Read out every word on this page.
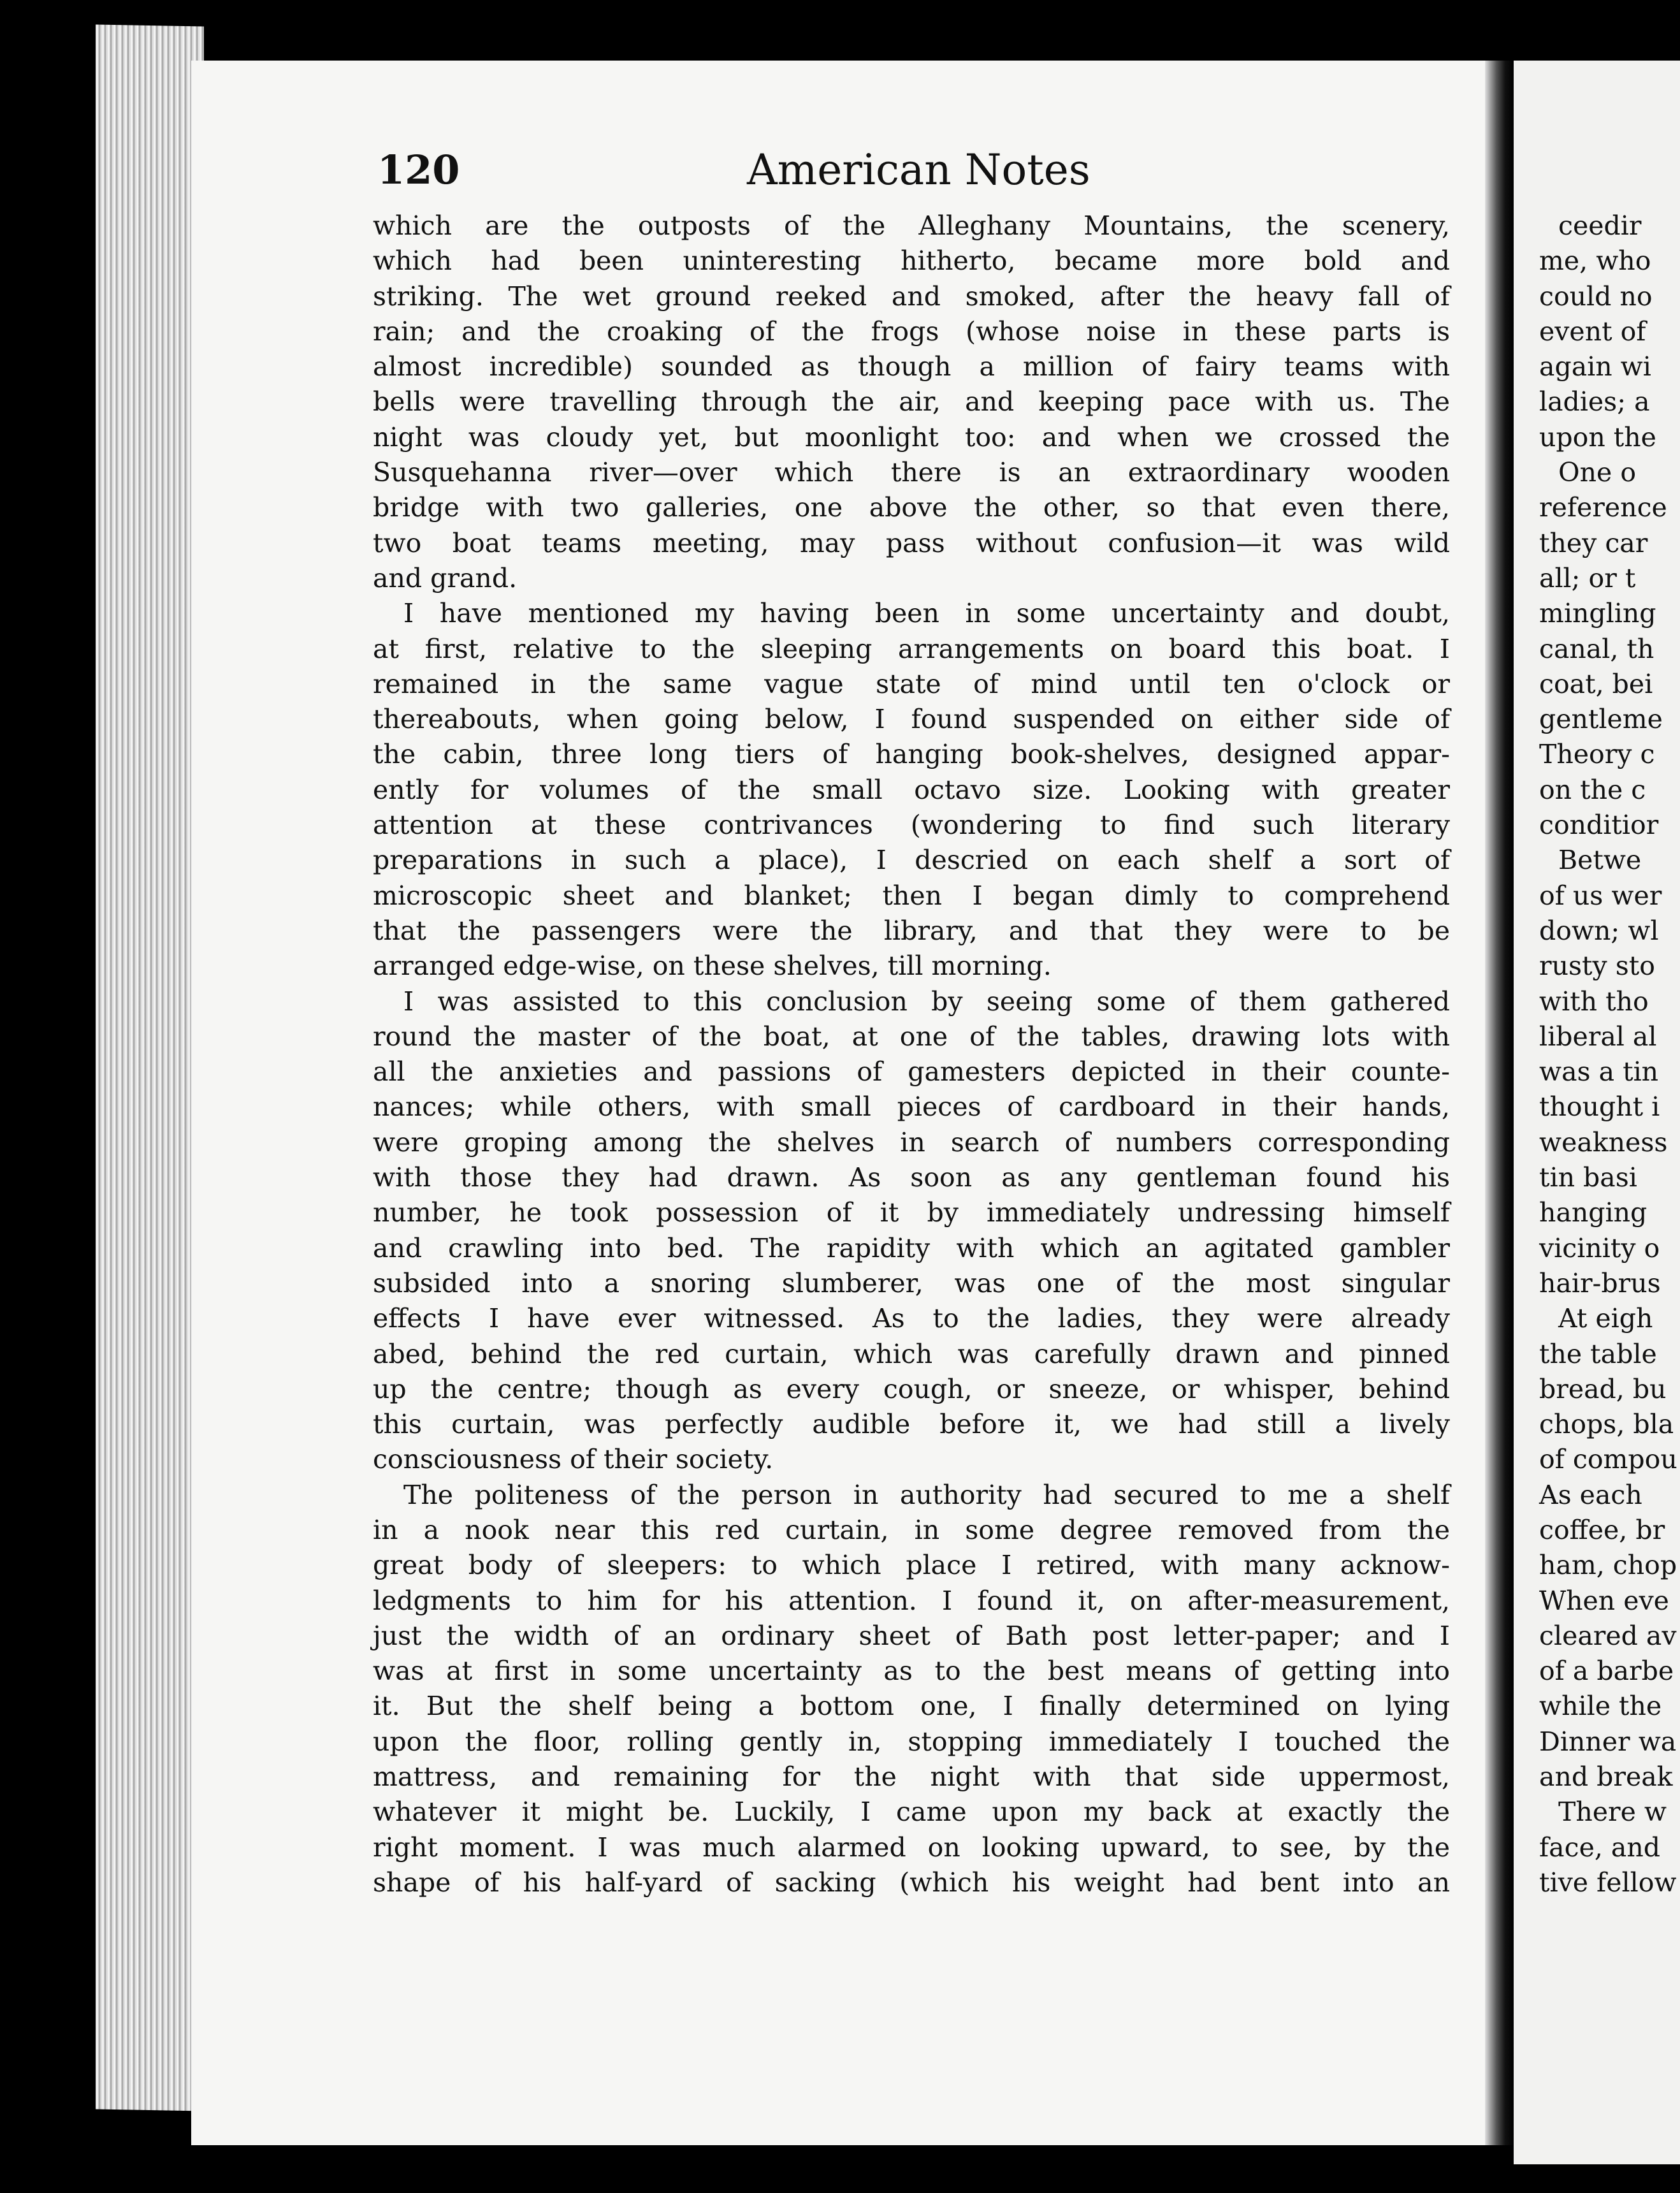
ceedir
me, who
could no
event of
again wi
ladies; a
upon the
One o
reference
they car
all; or t
mingling
canal, th
coat, bei
gentleme
Theory c
on the c
conditior
Betwe
of us wer
down; wl
rusty sto
with tho
liberal al
was a tin
thought i
weakness
tin basi
hanging
vicinity o
hair-brus
At eigh
the table
bread, bu
chops, bla
of compou
As each
coffee, br
ham, chop
When eve
cleared av
of a barbe
while the
Dinner wa
and break
There w
face, and
tive fellow
120	American Notes
which are the outposts of the Alleghany Mountains, the scenery,
which had been uninteresting hitherto, became more bold and
striking. The wet ground reeked and smoked, after the heavy fall of
rain; and the croaking of the frogs (whose noise in these parts is
almost incredible) sounded as though a million of fairy teams with
bells were travelling through the air, and keeping pace with us. The
night was cloudy yet, but moonlight too: and when we crossed the
Susquehanna river—over which there is an extraordinary wooden
bridge with two galleries, one above the other, so that even there,
two boat teams meeting, may pass without confusion—it was wild
and grand.
I have mentioned my having been in some uncertainty and doubt,
at first, relative to the sleeping arrangements on board this boat. I
remained in the same vague state of mind until ten o'clock or
thereabouts, when going below, I found suspended on either side of
the cabin, three long tiers of hanging book-shelves, designed appar-
ently for volumes of the small octavo size. Looking with greater
attention at these contrivances (wondering to find such literary
preparations in such a place), I descried on each shelf a sort of
microscopic sheet and blanket; then I began dimly to comprehend
that the passengers were the library, and that they were to be
arranged edge-wise, on these shelves, till morning.
I was assisted to this conclusion by seeing some of them gathered
round the master of the boat, at one of the tables, drawing lots with
all the anxieties and passions of gamesters depicted in their counte-
nances; while others, with small pieces of cardboard in their hands,
were groping among the shelves in search of numbers corresponding
with those they had drawn. As soon as any gentleman found his
number, he took possession of it by immediately undressing himself
and crawling into bed. The rapidity with which an agitated gambler
subsided into a snoring slumberer, was one of the most singular
effects I have ever witnessed. As to the ladies, they were already
abed, behind the red curtain, which was carefully drawn and pinned
up the centre; though as every cough, or sneeze, or whisper, behind
this curtain, was perfectly audible before it, we had still a lively
consciousness of their society.
The politeness of the person in authority had secured to me a shelf
in a nook near this red curtain, in some degree removed from the
great body of sleepers: to which place I retired, with many acknow-
ledgments to him for his attention. I found it, on after-measurement,
just the width of an ordinary sheet of Bath post letter-paper; and I
was at first in some uncertainty as to the best means of getting into
it. But the shelf being a bottom one, I finally determined on lying
upon the floor, rolling gently in, stopping immediately I touched the
mattress, and remaining for the night with that side uppermost,
whatever it might be. Luckily, I came upon my back at exactly the
right moment. I was much alarmed on looking upward, to see, by the
shape of his half-yard of sacking (which his weight had bent into an
